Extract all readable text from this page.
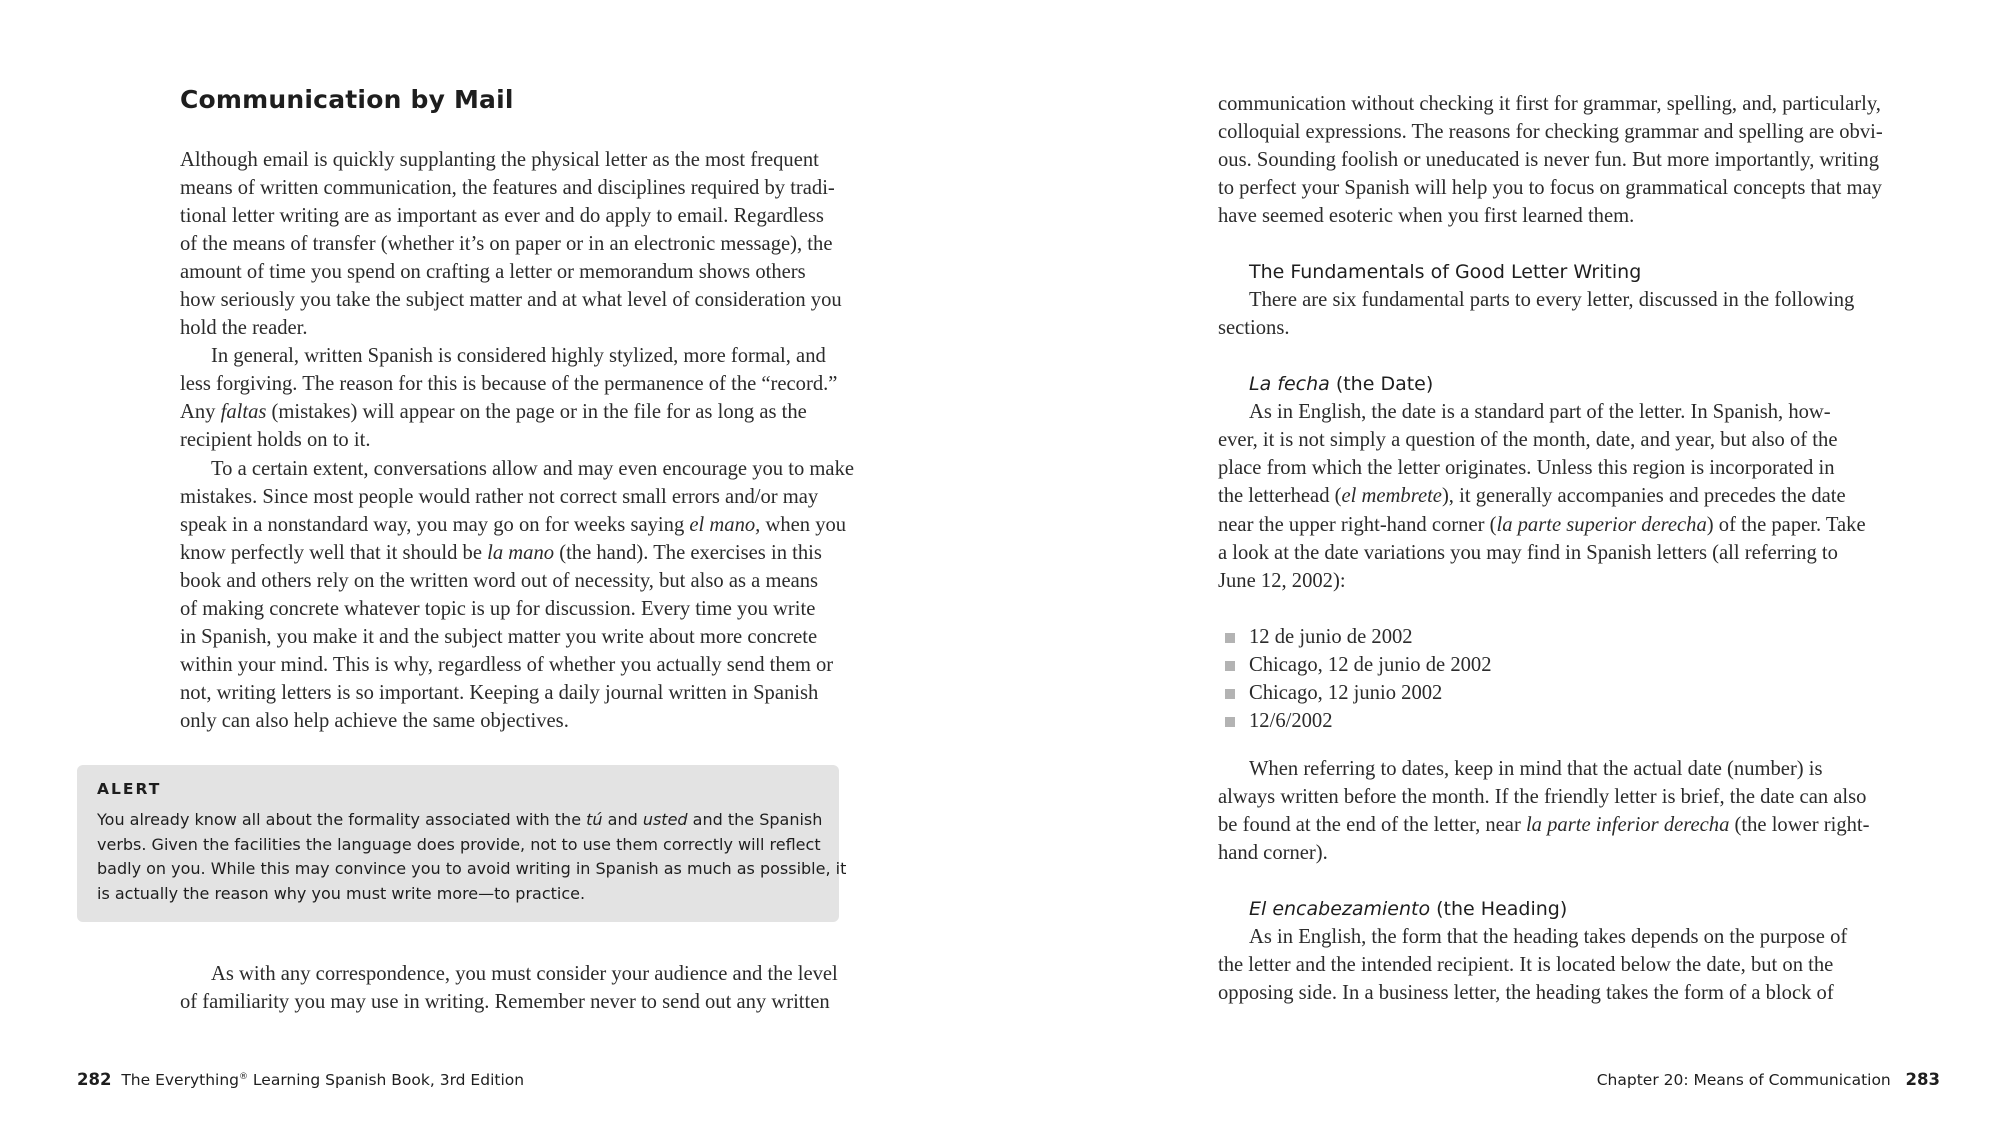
Communication by Mail
Although email is quickly supplanting the physical letter as the most frequent
means of written communication, the features and disciplines required by tradi-
tional letter writing are as important as ever and do apply to email. Regardless
of the means of transfer (whether it’s on paper or in an electronic message), the
amount of time you spend on crafting a letter or memorandum shows others
how seriously you take the subject matter and at what level of consideration you
hold the reader.
In general, written Spanish is considered highly stylized, more formal, and
less forgiving. The reason for this is because of the permanence of the “record.”
Any faltas (mistakes) will appear on the page or in the file for as long as the
recipient holds on to it.
To a certain extent, conversations allow and may even encourage you to make
mistakes. Since most people would rather not correct small errors and/or may
speak in a nonstandard way, you may go on for weeks saying el mano, when you
know perfectly well that it should be la mano (the hand). The exercises in this
book and others rely on the written word out of necessity, but also as a means
of making concrete whatever topic is up for discussion. Every time you write
in Spanish, you make it and the subject matter you write about more concrete
within your mind. This is why, regardless of whether you actually send them or
not, writing letters is so important. Keeping a daily journal written in Spanish
only can also help achieve the same objectives.
ALERT
You already know all about the formality associated with the tú and usted and the Spanish
verbs. Given the facilities the language does provide, not to use them correctly will reflect
badly on you. While this may convince you to avoid writing in Spanish as much as possible, it
is actually the reason why you must write more—to practice.
As with any correspondence, you must consider your audience and the level
of familiarity you may use in writing. Remember never to send out any written
282 The Everything® Learning Spanish Book, 3rd Edition
communication without checking it first for grammar, spelling, and, particularly,
colloquial expressions. The reasons for checking grammar and spelling are obvi-
ous. Sounding foolish or uneducated is never fun. But more importantly, writing
to perfect your Spanish will help you to focus on grammatical concepts that may
have seemed esoteric when you first learned them.
The Fundamentals of Good Letter Writing
There are six fundamental parts to every letter, discussed in the following
sections.
La fecha (the Date)
As in English, the date is a standard part of the letter. In Spanish, how-
ever, it is not simply a question of the month, date, and year, but also of the
place from which the letter originates. Unless this region is incorporated in
the letterhead (el membrete), it generally accompanies and precedes the date
near the upper right-hand corner (la parte superior derecha) of the paper. Take
a look at the date variations you may find in Spanish letters (all referring to
June 12, 2002):
12 de junio de 2002
Chicago, 12 de junio de 2002
Chicago, 12 junio 2002
12/6/2002
When referring to dates, keep in mind that the actual date (number) is
always written before the month. If the friendly letter is brief, the date can also
be found at the end of the letter, near la parte inferior derecha (the lower right-
hand corner).
El encabezamiento (the Heading)
As in English, the form that the heading takes depends on the purpose of
the letter and the intended recipient. It is located below the date, but on the
opposing side. In a business letter, the heading takes the form of a block of
Chapter 20: Means of Communication 283
